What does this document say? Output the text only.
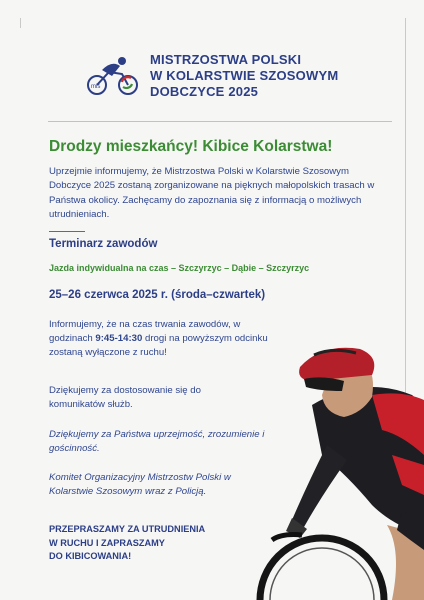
mis
MISTRZOSTWA POLSKI
W KOLARSTWIE SZOSOWYM
DOBCZYCE 2025
Drodzy mieszkańcy! Kibice Kolarstwa!
Uprzejmie informujemy, że Mistrzostwa Polski w Kolarstwie Szosowym Dobczyce 2025 zostaną zorganizowane na pięknych małopolskich trasach w Państwa okolicy. Zachęcamy do zapoznania się z informacją o możliwych utrudnieniach.
Terminarz zawodów
Jazda indywidualna na czas – Szczyrzyc – Dąbie – Szczyrzyc
25–26 czerwca 2025 r. (środa–czwartek)
Informujemy, że na czas trwania zawodów, w godzinach 9:45-14:30 drogi na powyższym odcinku zostaną wyłączone z ruchu!
Dziękujemy za dostosowanie się do komunikatów służb.
Dziękujemy za Państwa uprzejmość, zrozumienie i gościnność.
Komitet Organizacyjny Mistrzostw Polski w Kolarstwie Szosowym wraz z Policją.
PRZEPRASZAMY ZA UTRUDNIENIA
W RUCHU I ZAPRASZAMY
DO KIBICOWANIA!
